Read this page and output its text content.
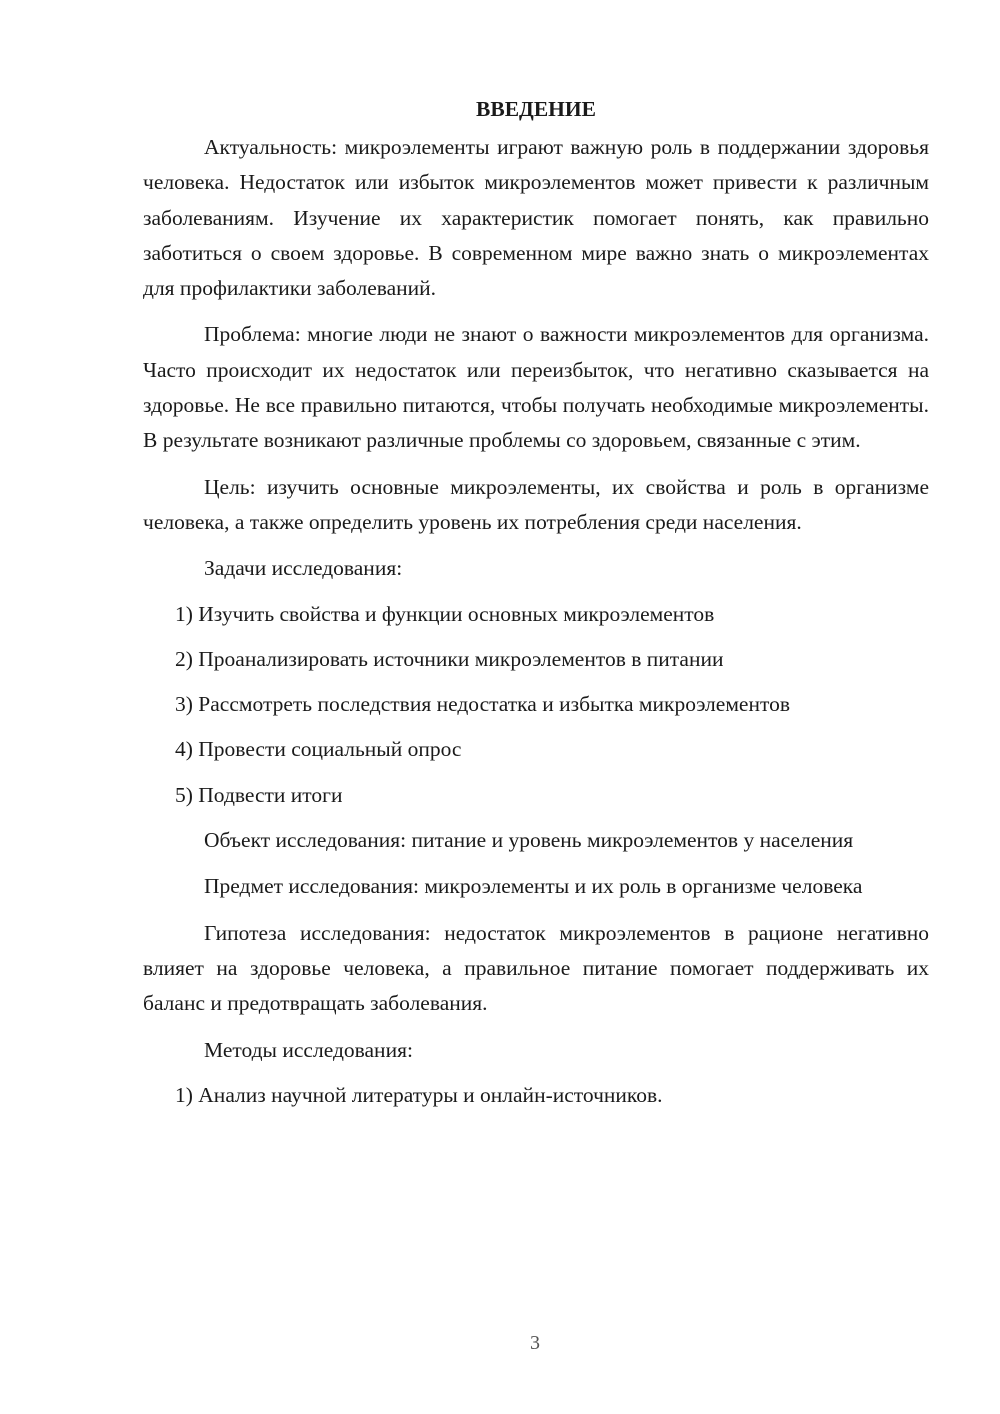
ВВЕДЕНИЕ

Актуальность: микроэлементы играют важную роль в поддержании здоровья человека. Недостаток или избыток микроэлементов может привести к различным заболеваниям. Изучение их характеристик помогает понять, как правильно заботиться о своем здоровье. В современном мире важно знать о микроэлементах для профилактики заболеваний.

Проблема: многие люди не знают о важности микроэлементов для организма. Часто происходит их недостаток или переизбыток, что негативно сказывается на здоровье. Не все правильно питаются, чтобы получать необходимые микроэлементы. В результате возникают различные проблемы со здоровьем, связанные с этим.

Цель: изучить основные микроэлементы, их свойства и роль в организме человека, а также определить уровень их потребления среди населения.

Задачи исследования:
1) Изучить свойства и функции основных микроэлементов
2) Проанализировать источники микроэлементов в питании
3) Рассмотреть последствия недостатка и избытка микроэлементов
4) Провести социальный опрос
5) Подвести итоги

Объект исследования: питание и уровень микроэлементов у населения

Предмет исследования: микроэлементы и их роль в организме человека

Гипотеза исследования: недостаток микроэлементов в рационе негативно влияет на здоровье человека, а правильное питание помогает поддерживать их баланс и предотвращать заболевания.

Методы исследования:
1) Анализ научной литературы и онлайн-источников.
3
